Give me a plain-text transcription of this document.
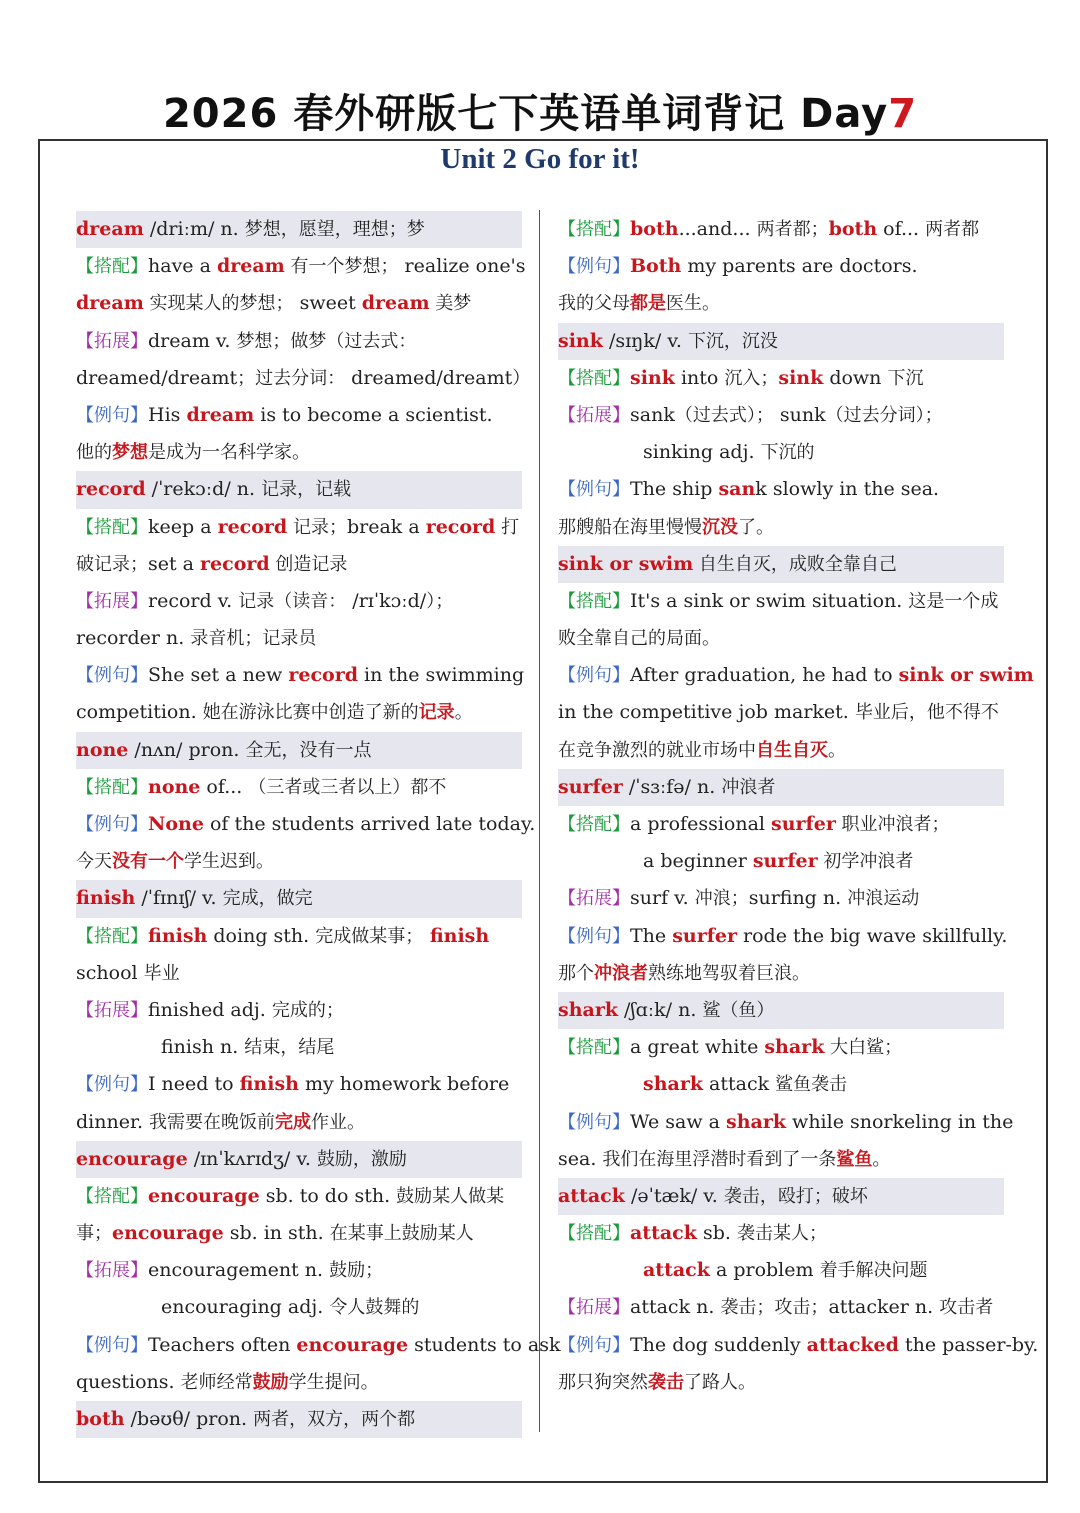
2026 春外研版七下英语单词背记 Day7
Unit 2 Go for it!
dream /driːm/ n. 梦想，愿望，理想；梦
【搭配】have a dream 有一个梦想； realize one's
dream 实现某人的梦想； sweet dream 美梦
【拓展】dream v. 梦想；做梦（过去式：
dreamed/dreamt；过去分词： dreamed/dreamt）
【例句】His dream is to become a scientist.
他的梦想是成为一名科学家。
record /ˈrekɔːd/ n. 记录，记载
【搭配】keep a record 记录；break a record 打
破记录；set a record 创造记录
【拓展】record v. 记录（读音： /rɪˈkɔːd/）；
recorder n. 录音机；记录员
【例句】She set a new record in the swimming
competition. 她在游泳比赛中创造了新的记录。
none /nʌn/ pron. 全无，没有一点
【搭配】none of... （三者或三者以上）都不
【例句】None of the students arrived late today.
今天没有一个学生迟到。
finish /ˈfɪnɪʃ/ v. 完成，做完
【搭配】finish doing sth. 完成做某事； finish
school 毕业
【拓展】finished adj. 完成的；
finish n. 结束，结尾
【例句】I need to finish my homework before
dinner. 我需要在晚饭前完成作业。
encourage /ɪnˈkʌrɪdʒ/ v. 鼓励，激励
【搭配】encourage sb. to do sth. 鼓励某人做某
事；encourage sb. in sth. 在某事上鼓励某人
【拓展】encouragement n. 鼓励；
encouraging adj. 令人鼓舞的
【例句】Teachers often encourage students to ask
questions. 老师经常鼓励学生提问。
both /bəʊθ/ pron. 两者，双方，两个都
【搭配】both...and... 两者都；both of... 两者都
【例句】Both my parents are doctors.
我的父母都是医生。
sink /sɪŋk/ v. 下沉，沉没
【搭配】sink into 沉入；sink down 下沉
【拓展】sank（过去式）； sunk（过去分词）；
sinking adj. 下沉的
【例句】The ship sank slowly in the sea.
那艘船在海里慢慢沉没了。
sink or swim 自生自灭，成败全靠自己
【搭配】It's a sink or swim situation. 这是一个成
败全靠自己的局面。
【例句】After graduation, he had to sink or swim
in the competitive job market. 毕业后，他不得不
在竞争激烈的就业市场中自生自灭。
surfer /ˈsɜːfə/ n. 冲浪者
【搭配】a professional surfer 职业冲浪者；
a beginner surfer 初学冲浪者
【拓展】surf v. 冲浪；surfing n. 冲浪运动
【例句】The surfer rode the big wave skillfully.
那个冲浪者熟练地驾驭着巨浪。
shark /ʃɑːk/ n. 鲨（鱼）
【搭配】a great white shark 大白鲨；
shark attack 鲨鱼袭击
【例句】We saw a shark while snorkeling in the
sea. 我们在海里浮潜时看到了一条鲨鱼。
attack /əˈtæk/ v. 袭击，殴打；破坏
【搭配】attack sb. 袭击某人；
attack a problem 着手解决问题
【拓展】attack n. 袭击；攻击；attacker n. 攻击者
【例句】The dog suddenly attacked the passer-by.
那只狗突然袭击了路人。
